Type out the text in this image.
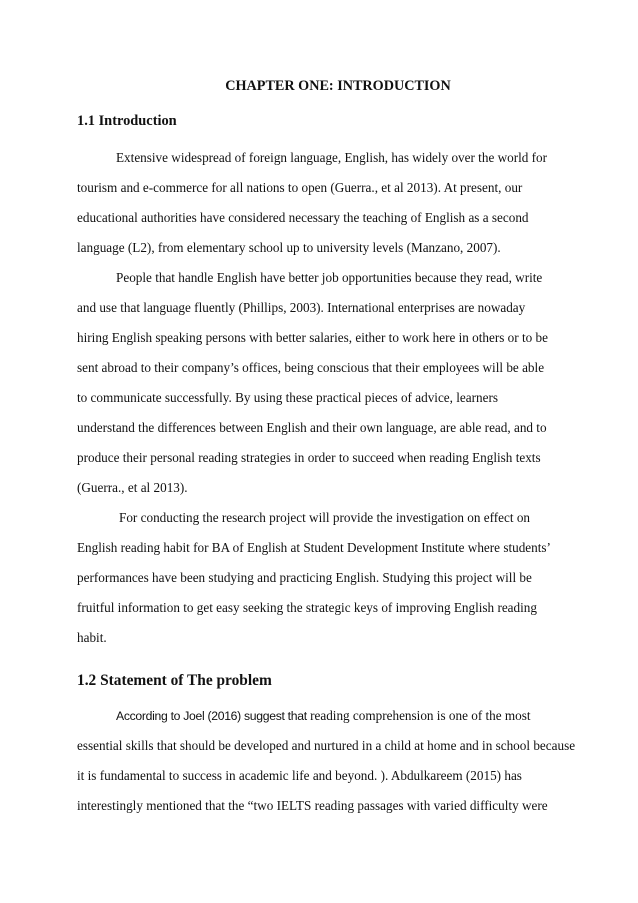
CHAPTER ONE: INTRODUCTION
1.1 Introduction

Extensive widespread of foreign language, English, has widely over the world for

tourism and e-commerce for all nations to open (Guerra., et al 2013). At present, our

educational authorities have considered necessary the teaching of English as a second

language (L2), from elementary school up to university levels (Manzano, 2007).

People that handle English have better job opportunities because they read, write

and use that language fluently (Phillips, 2003). International enterprises are nowaday

hiring English speaking persons with better salaries, either to work here in others or to be

sent abroad to their company’s offices, being conscious that their employees will be able

to communicate successfully. By using these practical pieces of advice, learners

understand the differences between English and their own language, are able read, and to

produce their personal reading strategies in order to succeed when reading English texts

(Guerra., et al 2013).

For conducting the research project will provide the investigation on effect on

English reading habit for BA of English at Student Development Institute where students’

performances have been studying and practicing English. Studying this project will be

fruitful information to get easy seeking the strategic keys of improving English reading

habit.

1.2 Statement of The problem

According to Joel (2016) suggest that reading comprehension is one of the most

essential skills that should be developed and nurtured in a child at home and in school because

it is fundamental to success in academic life and beyond. ). Abdulkareem (2015) has

interestingly mentioned that the “two IELTS reading passages with varied difficulty were
